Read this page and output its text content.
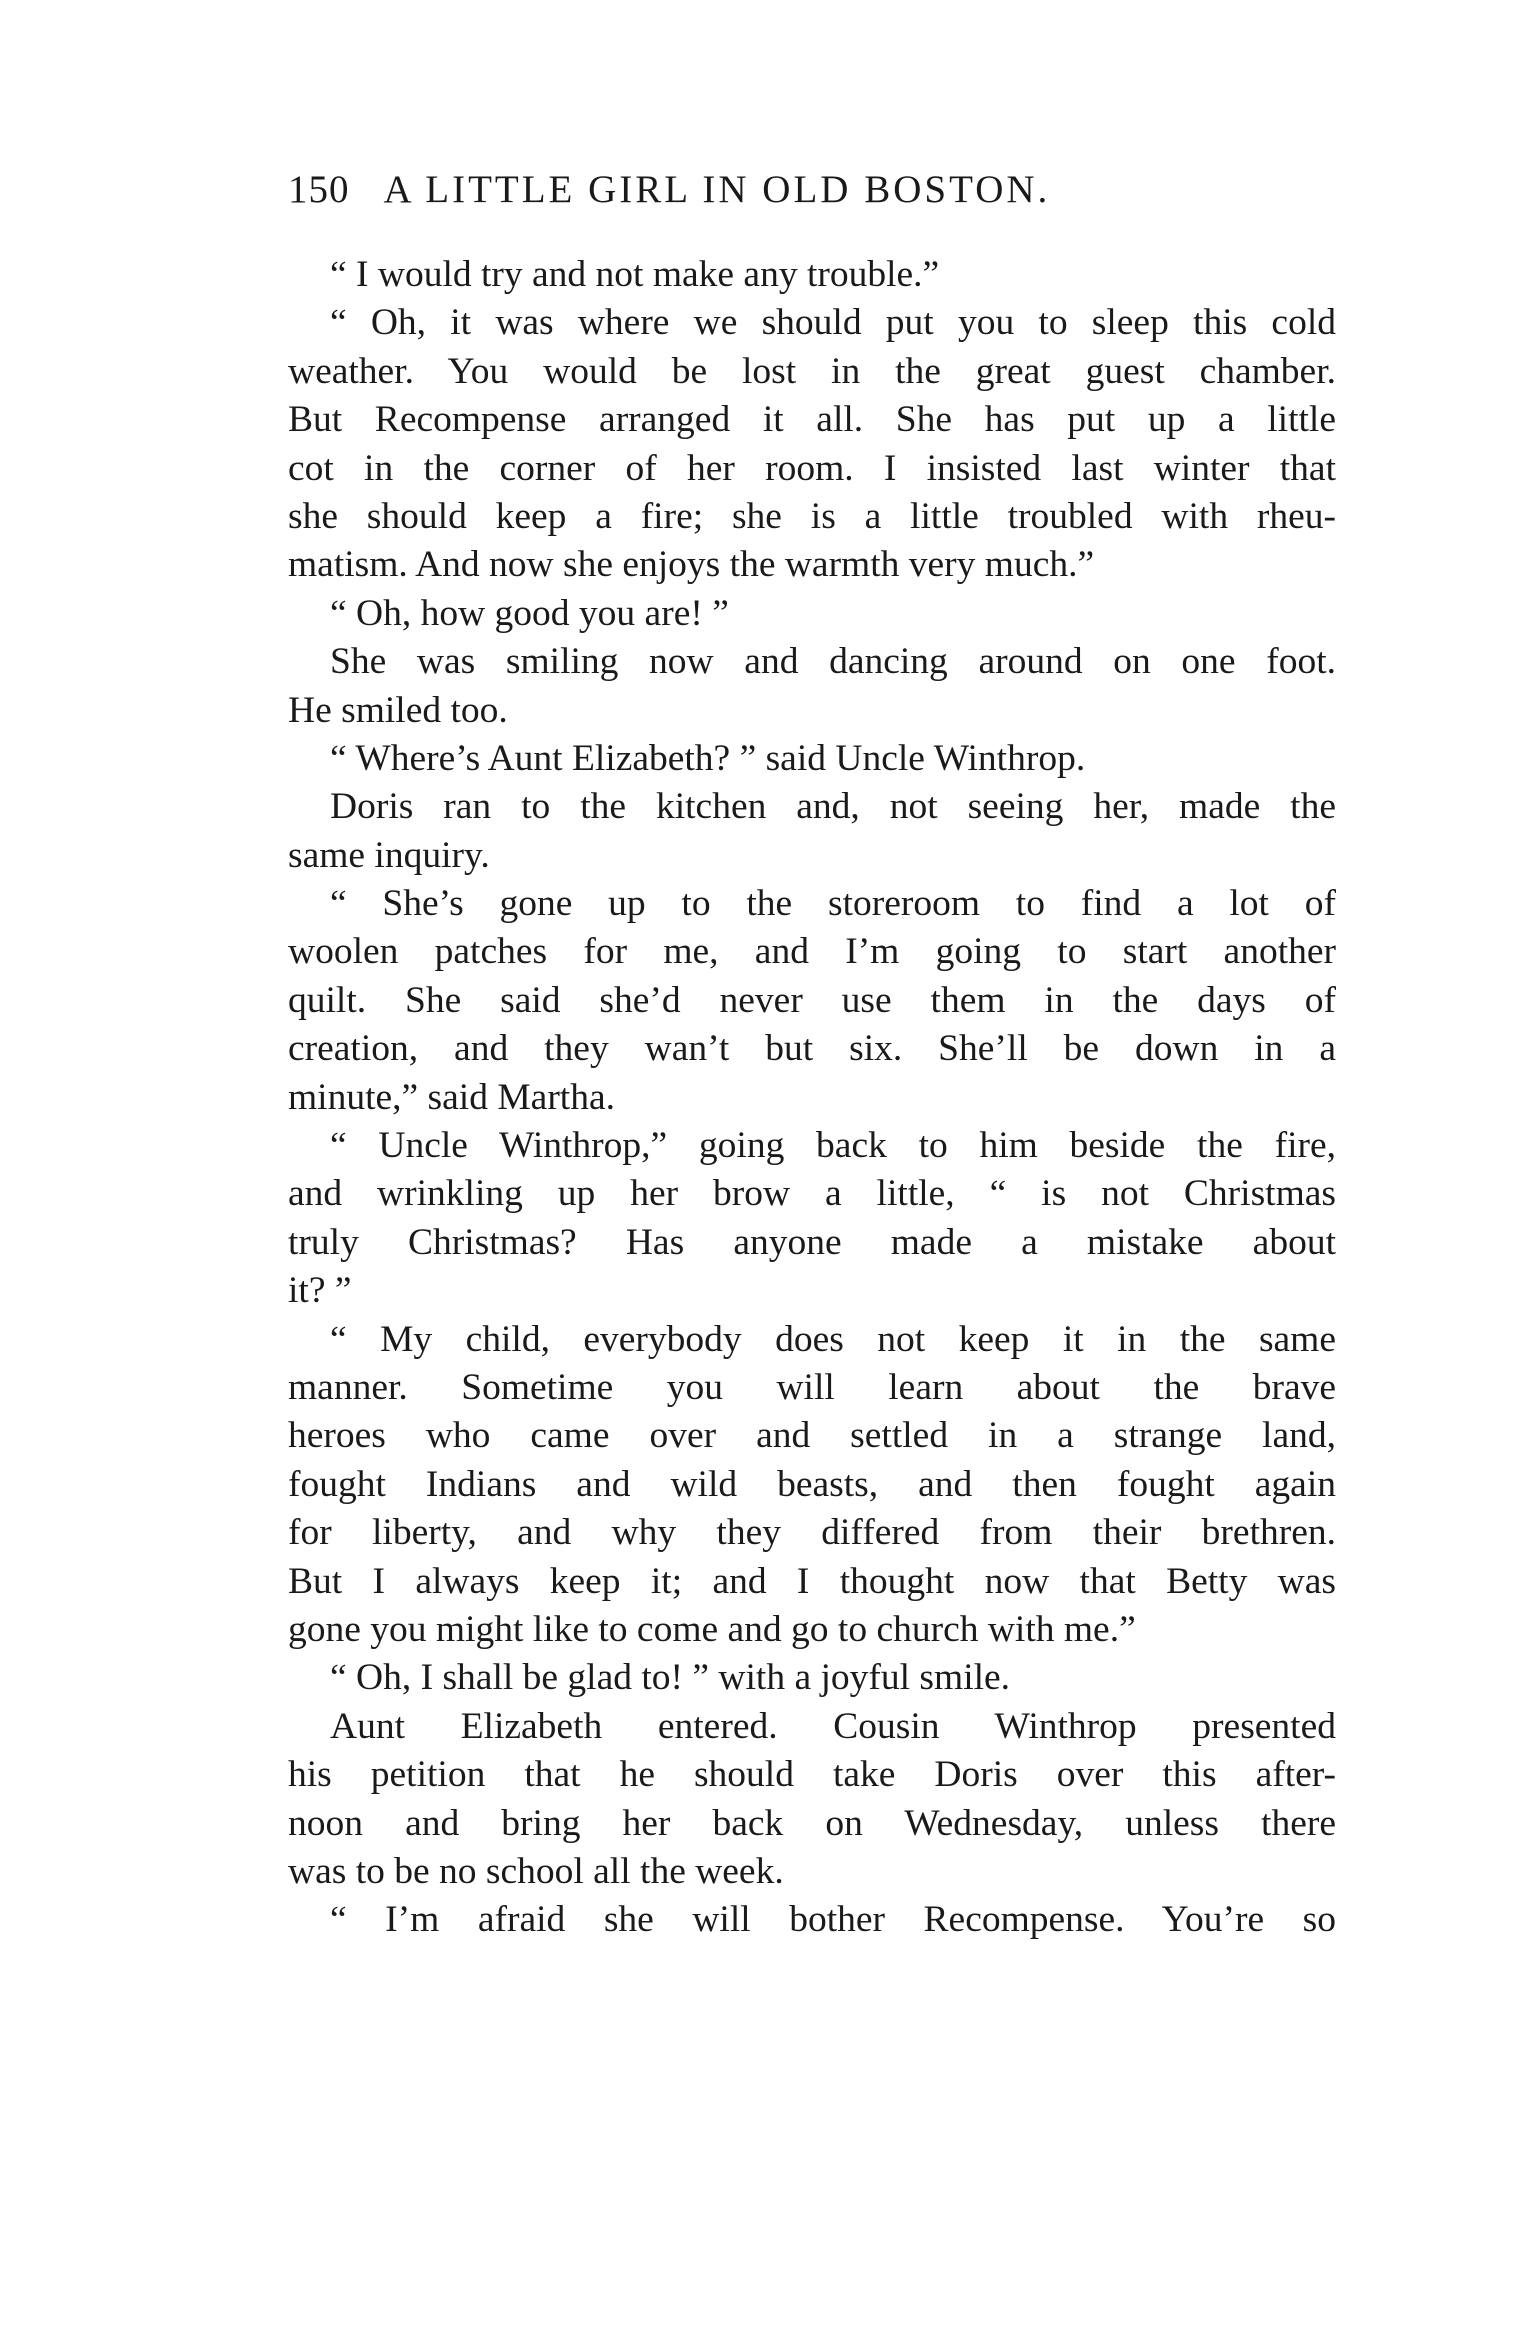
150 A LITTLE GIRL IN OLD BOSTON.
“ I would try and not make any trouble.”
“ Oh, it was where we should put you to sleep this cold
weather. You would be lost in the great guest chamber.
But Recompense arranged it all. She has put up a little
cot in the corner of her room. I insisted last winter that
she should keep a fire; she is a little troubled with rheu-
matism. And now she enjoys the warmth very much.”
“ Oh, how good you are! ”
She was smiling now and dancing around on one foot.
He smiled too.
“ Where’s Aunt Elizabeth? ” said Uncle Winthrop.
Doris ran to the kitchen and, not seeing her, made the
same inquiry.
“ She’s gone up to the storeroom to find a lot of
woolen patches for me, and I’m going to start another
quilt. She said she’d never use them in the days of
creation, and they wan’t but six. She’ll be down in a
minute,” said Martha.
“ Uncle Winthrop,” going back to him beside the fire,
and wrinkling up her brow a little, “ is not Christmas
truly Christmas? Has anyone made a mistake about
it? ”
“ My child, everybody does not keep it in the same
manner. Sometime you will learn about the brave
heroes who came over and settled in a strange land,
fought Indians and wild beasts, and then fought again
for liberty, and why they differed from their brethren.
But I always keep it; and I thought now that Betty was
gone you might like to come and go to church with me.”
“ Oh, I shall be glad to! ” with a joyful smile.
Aunt Elizabeth entered. Cousin Winthrop presented
his petition that he should take Doris over this after-
noon and bring her back on Wednesday, unless there
was to be no school all the week.
“ I’m afraid she will bother Recompense. You’re so
